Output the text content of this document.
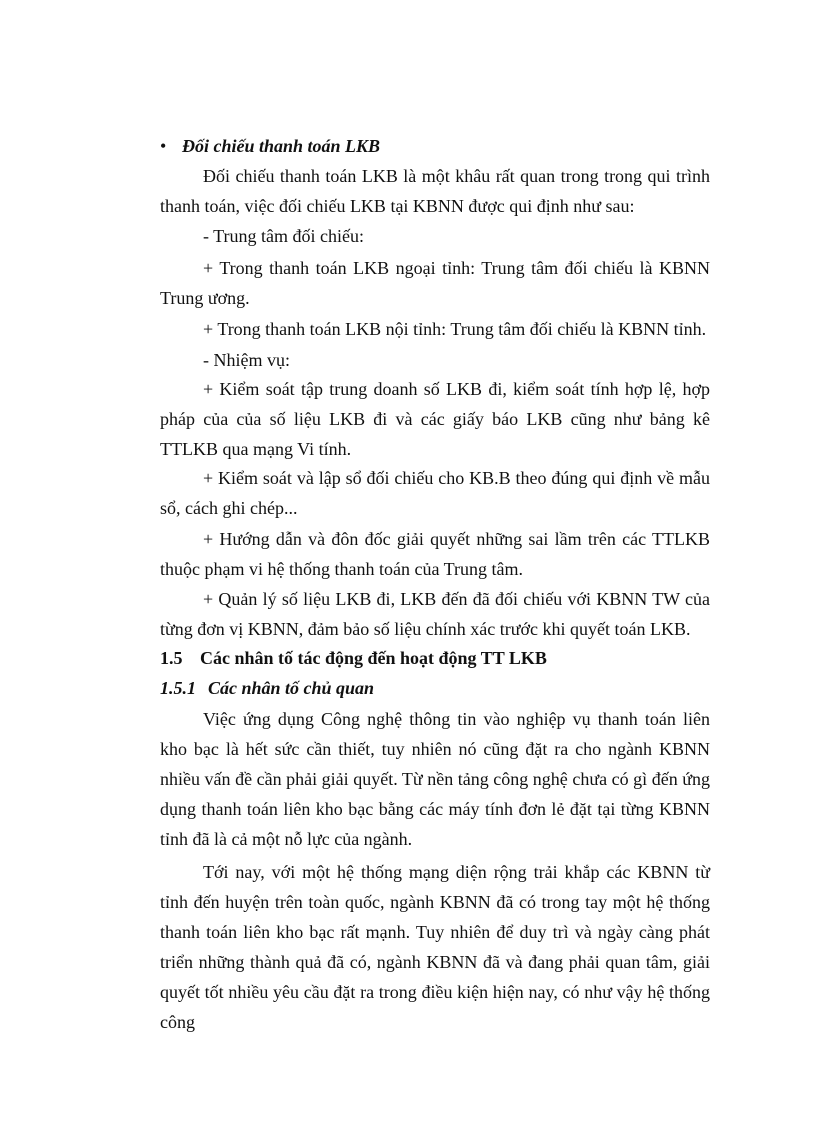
• Đối chiếu thanh toán LKB
Đối chiếu thanh toán LKB là một khâu rất quan trong trong qui trình thanh toán, việc đối chiếu LKB tại KBNN được qui định như sau:
- Trung tâm đối chiếu:
+ Trong thanh toán LKB ngoại tỉnh: Trung tâm đối chiếu là KBNN Trung ương.
+ Trong thanh toán LKB nội tỉnh: Trung tâm đối chiếu là KBNN tỉnh.
- Nhiệm vụ:
+ Kiểm soát tập trung doanh số LKB đi, kiểm soát tính hợp lệ, hợp pháp của của số liệu LKB đi và các giấy báo LKB cũng như bảng kê TTLKB qua mạng Vi tính.
+ Kiểm soát và lập sổ đối chiếu cho KB.B theo đúng qui định về mẫu sổ, cách ghi chép...
+ Hướng dẫn và đôn đốc giải quyết những sai lầm trên các TTLKB thuộc phạm vi hệ thống thanh toán của Trung tâm.
+ Quản lý số liệu LKB đi, LKB đến đã đối chiếu với KBNN TW của từng đơn vị KBNN, đảm bảo số liệu chính xác trước khi quyết toán LKB.
1.5 Các nhân tố tác động đến hoạt động TT LKB
1.5.1 Các nhân tố chủ quan
Việc ứng dụng Công nghệ thông tin vào nghiệp vụ thanh toán liên kho bạc là hết sức cần thiết, tuy nhiên nó cũng đặt ra cho ngành KBNN nhiều vấn đề cần phải giải quyết. Từ nền tảng công nghệ chưa có gì đến ứng dụng thanh toán liên kho bạc bằng các máy tính đơn lẻ đặt tại từng KBNN tỉnh đã là cả một nỗ lực của ngành.
Tới nay, với một hệ thống mạng diện rộng trải khắp các KBNN từ tỉnh đến huyện trên toàn quốc, ngành KBNN đã có trong tay một hệ thống thanh toán liên kho bạc rất mạnh. Tuy nhiên để duy trì và ngày càng phát triển những thành quả đã có, ngành KBNN đã và đang phải quan tâm, giải quyết tốt nhiều yêu cầu đặt ra trong điều kiện hiện nay, có như vậy hệ thống công
